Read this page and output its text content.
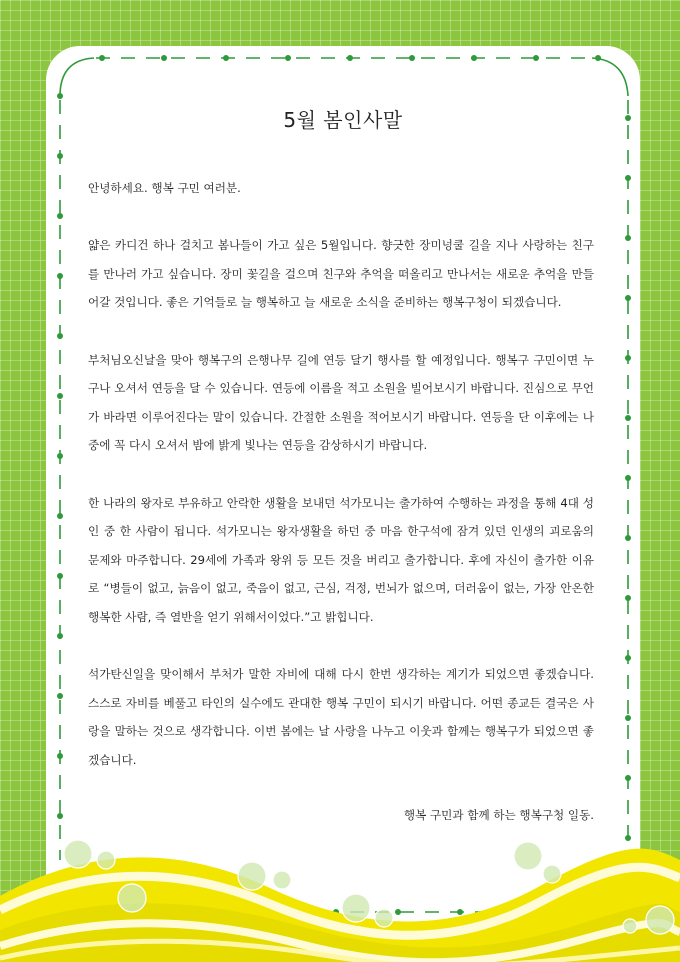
5월 봄인사말

안녕하세요. 행복 구민 여러분.

얇은 카디건 하나 걸치고 봄나들이 가고 싶은 5월입니다. 향긋한 장미넝쿨 길을 지나 사랑하는 친구를 만나러 가고 싶습니다. 장미 꽃길을 걸으며 친구와 추억을 떠올리고 만나서는 새로운 추억을 만들어갈 것입니다. 좋은 기억들로 늘 행복하고 늘 새로운 소식을 준비하는 행복구청이 되겠습니다.

부처님오신날을 맞아 행복구의 은행나무 길에 연등 달기 행사를 할 예정입니다. 행복구 구민이면 누구나 오셔서 연등을 달 수 있습니다. 연등에 이름을 적고 소원을 빌어보시기 바랍니다. 진심으로 무언가 바라면 이루어진다는 말이 있습니다. 간절한 소원을 적어보시기 바랍니다. 연등을 단 이후에는 나중에 꼭 다시 오셔서 밤에 밝게 빛나는 연등을 감상하시기 바랍니다.

한 나라의 왕자로 부유하고 안락한 생활을 보내던 석가모니는 출가하여 수행하는 과정을 통해 4대 성인 중 한 사람이 됩니다. 석가모니는 왕자생활을 하던 중 마음 한구석에 잠겨 있던 인생의 괴로움의 문제와 마주합니다. 29세에 가족과 왕위 등 모든 것을 버리고 출가합니다. 후에 자신이 출가한 이유로 “병들이 없고, 늙음이 없고, 죽음이 없고, 근심, 걱정, 번뇌가 없으며, 더러움이 없는, 가장 안온한 행복한 사람, 즉 열반을 얻기 위해서이었다.”고 밝힙니다.

석가탄신일을 맞이해서 부처가 말한 자비에 대해 다시 한번 생각하는 계기가 되었으면 좋겠습니다. 스스로 자비를 베풀고 타인의 실수에도 관대한 행복 구민이 되시기 바랍니다. 어떤 종교든 결국은 사랑을 말하는 것으로 생각합니다. 이번 봄에는 날 사랑을 나누고 이웃과 함께는 행복구가 되었으면 좋겠습니다.

행복 구민과 함께 하는 행복구청 일동.
